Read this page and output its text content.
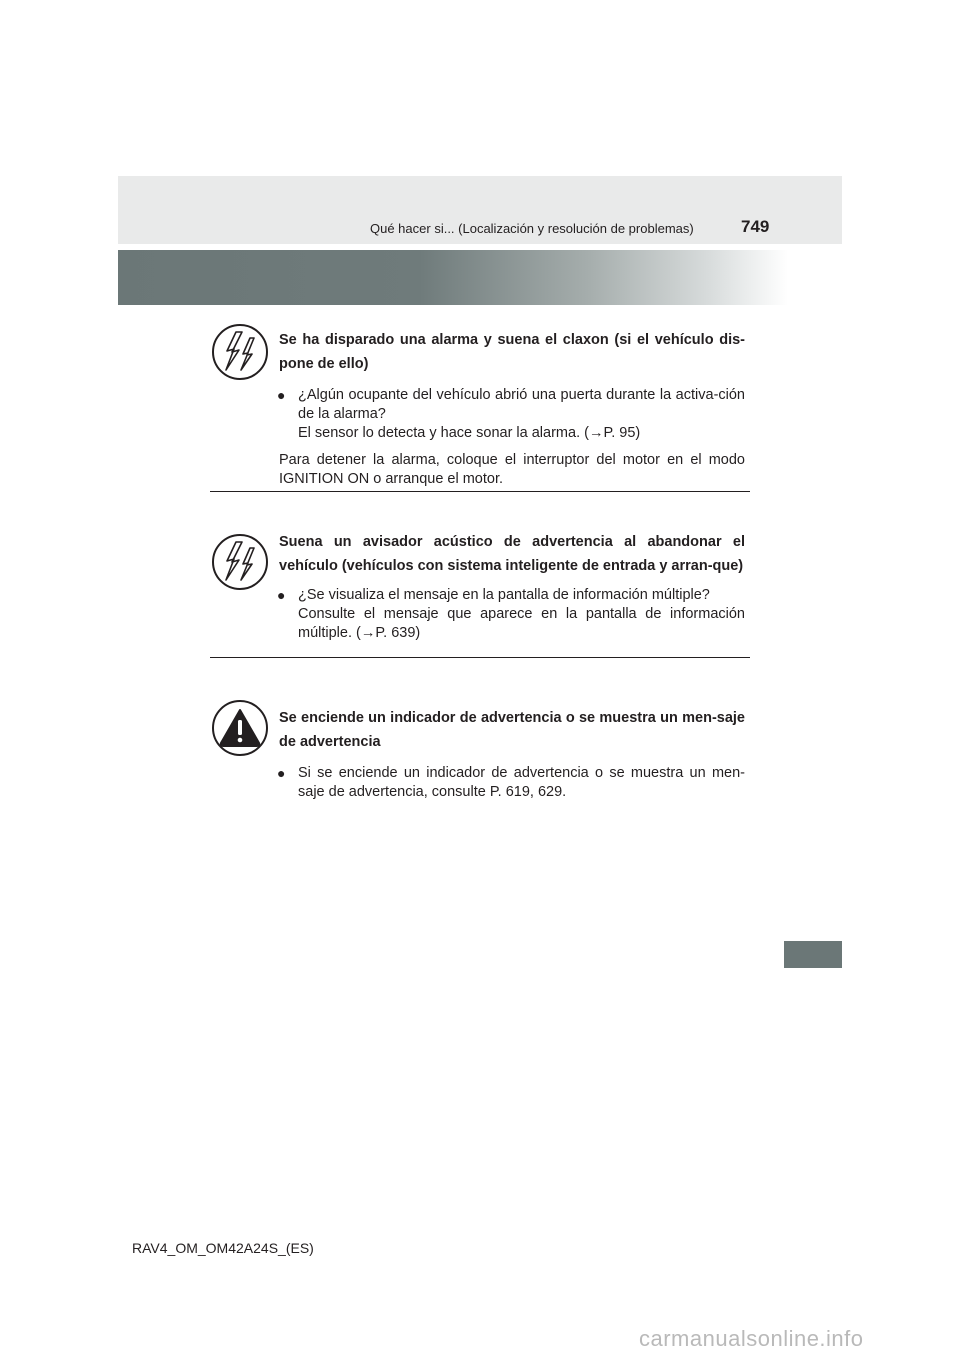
Qué hacer si... (Localización y resolución de problemas)	749
Se ha disparado una alarma y suena el claxon (si el vehículo dis-pone de ello)
● ¿Algún ocupante del vehículo abrió una puerta durante la activa-ción de la alarma?
El sensor lo detecta y hace sonar la alarma. (→P. 95)
Para detener la alarma, coloque el interruptor del motor en el modo IGNITION ON o arranque el motor.
Suena un avisador acústico de advertencia al abandonar el vehículo (vehículos con sistema inteligente de entrada y arran-que)
● ¿Se visualiza el mensaje en la pantalla de información múltiple?
Consulte el mensaje que aparece en la pantalla de información múltiple. (→P. 639)
Se enciende un indicador de advertencia o se muestra un men-saje de advertencia
● Si se enciende un indicador de advertencia o se muestra un men-saje de advertencia, consulte P. 619, 629.
RAV4_OM_OM42A24S_(ES)
carmanualsonline.info
